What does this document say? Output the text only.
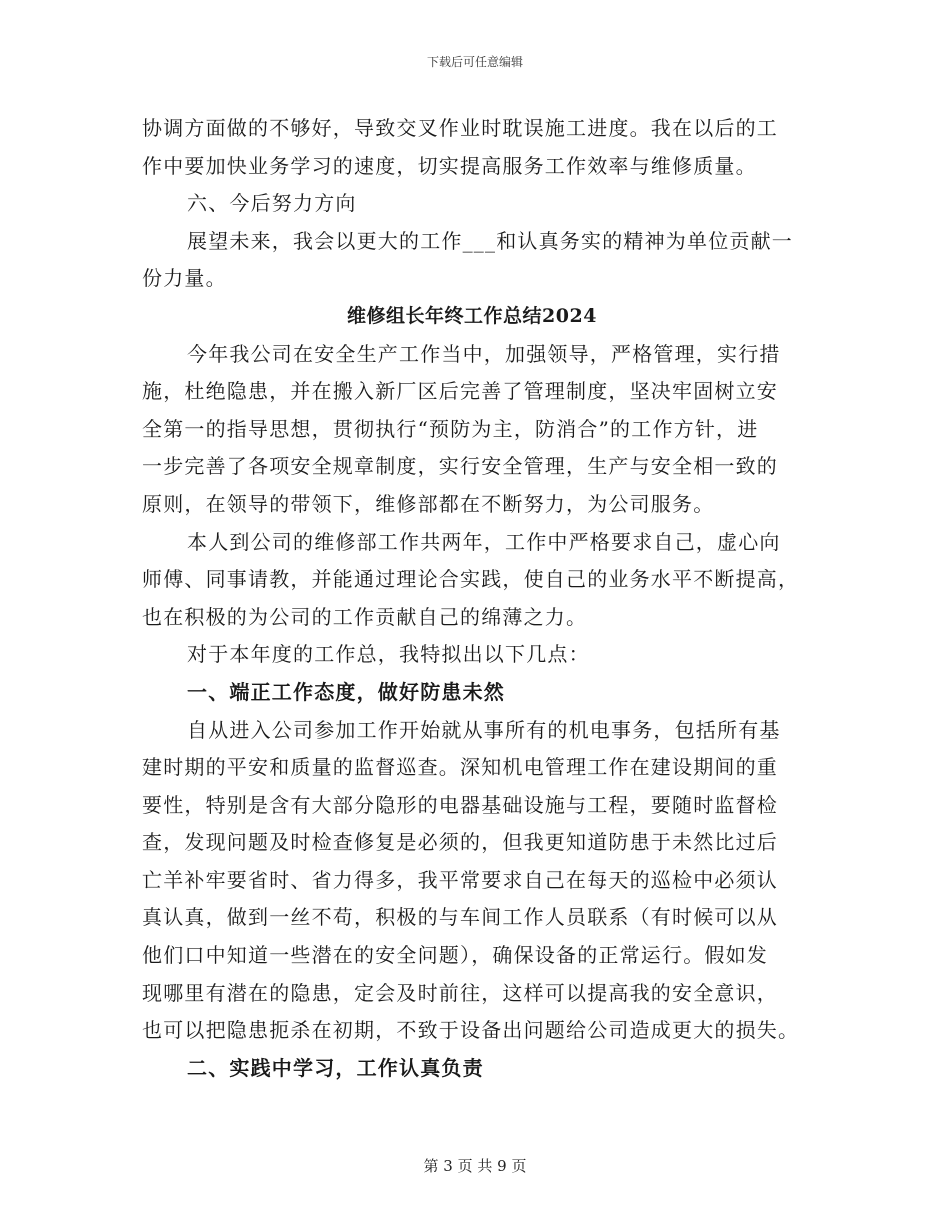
下载后可任意编辑
协调方面做的不够好，导致交叉作业时耽误施工进度。我在以后的工
作中要加快业务学习的速度，切实提高服务工作效率与维修质量。
六、今后努力方向
展望未来，我会以更大的工作___和认真务实的精神为单位贡献一
份力量。
维修组长年终工作总结2024
今年我公司在安全生产工作当中，加强领导，严格管理，实行措
施，杜绝隐患，并在搬入新厂区后完善了管理制度，坚决牢固树立安
全第一的指导思想，贯彻执行“预防为主，防消合”的工作方针，进
一步完善了各项安全规章制度，实行安全管理，生产与安全相一致的
原则，在领导的带领下，维修部都在不断努力，为公司服务。
本人到公司的维修部工作共两年，工作中严格要求自己，虚心向
师傅、同事请教，并能通过理论合实践，使自己的业务水平不断提高，
也在积极的为公司的工作贡献自己的绵薄之力。
对于本年度的工作总，我特拟出以下几点：
一、端正工作态度，做好防患未然
自从进入公司参加工作开始就从事所有的机电事务，包括所有基
建时期的平安和质量的监督巡查。深知机电管理工作在建设期间的重
要性，特别是含有大部分隐形的电器基础设施与工程，要随时监督检
查，发现问题及时检查修复是必须的，但我更知道防患于未然比过后
亡羊补牢要省时、省力得多，我平常要求自己在每天的巡检中必须认
真认真，做到一丝不苟，积极的与车间工作人员联系（有时候可以从
他们口中知道一些潜在的安全问题），确保设备的正常运行。假如发
现哪里有潜在的隐患，定会及时前往，这样可以提高我的安全意识，
也可以把隐患扼杀在初期，不致于设备出问题给公司造成更大的损失。
二、实践中学习，工作认真负责
第 3 页 共 9 页
